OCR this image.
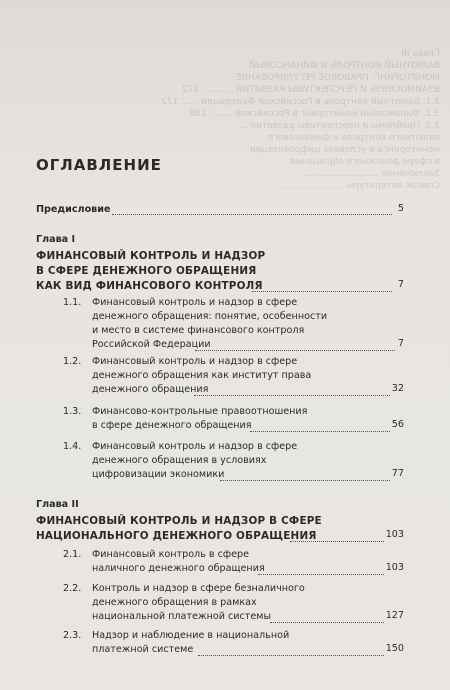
Глава III
ВАЛЮТНЫЙ КОНТРОЛЬ И ФИНАНСОВЫЙ
МОНИТОРИНГ: ПРАВОВОЕ РЕГУЛИРОВАНИЕ
ВЗАИМОСВЯЗЬ И ПЕРСПЕКТИВЫ РАЗВИТИЯ ........... 172
3.1. Валютный контроль в Российской Федерации ...... 172
3.2. Финансовый мониторинг в Российской ........ 188
3.3. Проблемы и перспективы развития ...
валютного контроля и финансового
мониторинга в условиях цифровизации
в сфере денежного обращения
Заключение ..........................
Список литературы ......................
ОГЛАВЛЕНИЕ
Предисловие	5
Глава I
ФИНАНСОВЫЙ КОНТРОЛЬ И НАДЗОР
В СФЕРЕ ДЕНЕЖНОГО ОБРАЩЕНИЯ
КАК ВИД ФИНАНСОВОГО КОНТРОЛЯ	7
1.1. Финансовый контроль и надзор в сфере
денежного обращения: понятие, особенности
и место в системе финансового контроля
Российской Федерации	7
1.2. Финансовый контроль и надзор в сфере
денежного обращения как институт права
денежного обращения	32
1.3. Финансово-контрольные правоотношения
в сфере денежного обращения	56
1.4. Финансовый контроль и надзор в сфере
денежного обращения в условиях
цифровизации экономики	77
Глава II
ФИНАНСОВЫЙ КОНТРОЛЬ И НАДЗОР В СФЕРЕ
НАЦИОНАЛЬНОГО ДЕНЕЖНОГО ОБРАЩЕНИЯ	103
2.1. Финансовый контроль в сфере
наличного денежного обращения	103
2.2. Контроль и надзор в сфере безналичного
денежного обращения в рамках
национальной платежной системы	127
2.3. Надзор и наблюдение в национальной
платежной системе	150
